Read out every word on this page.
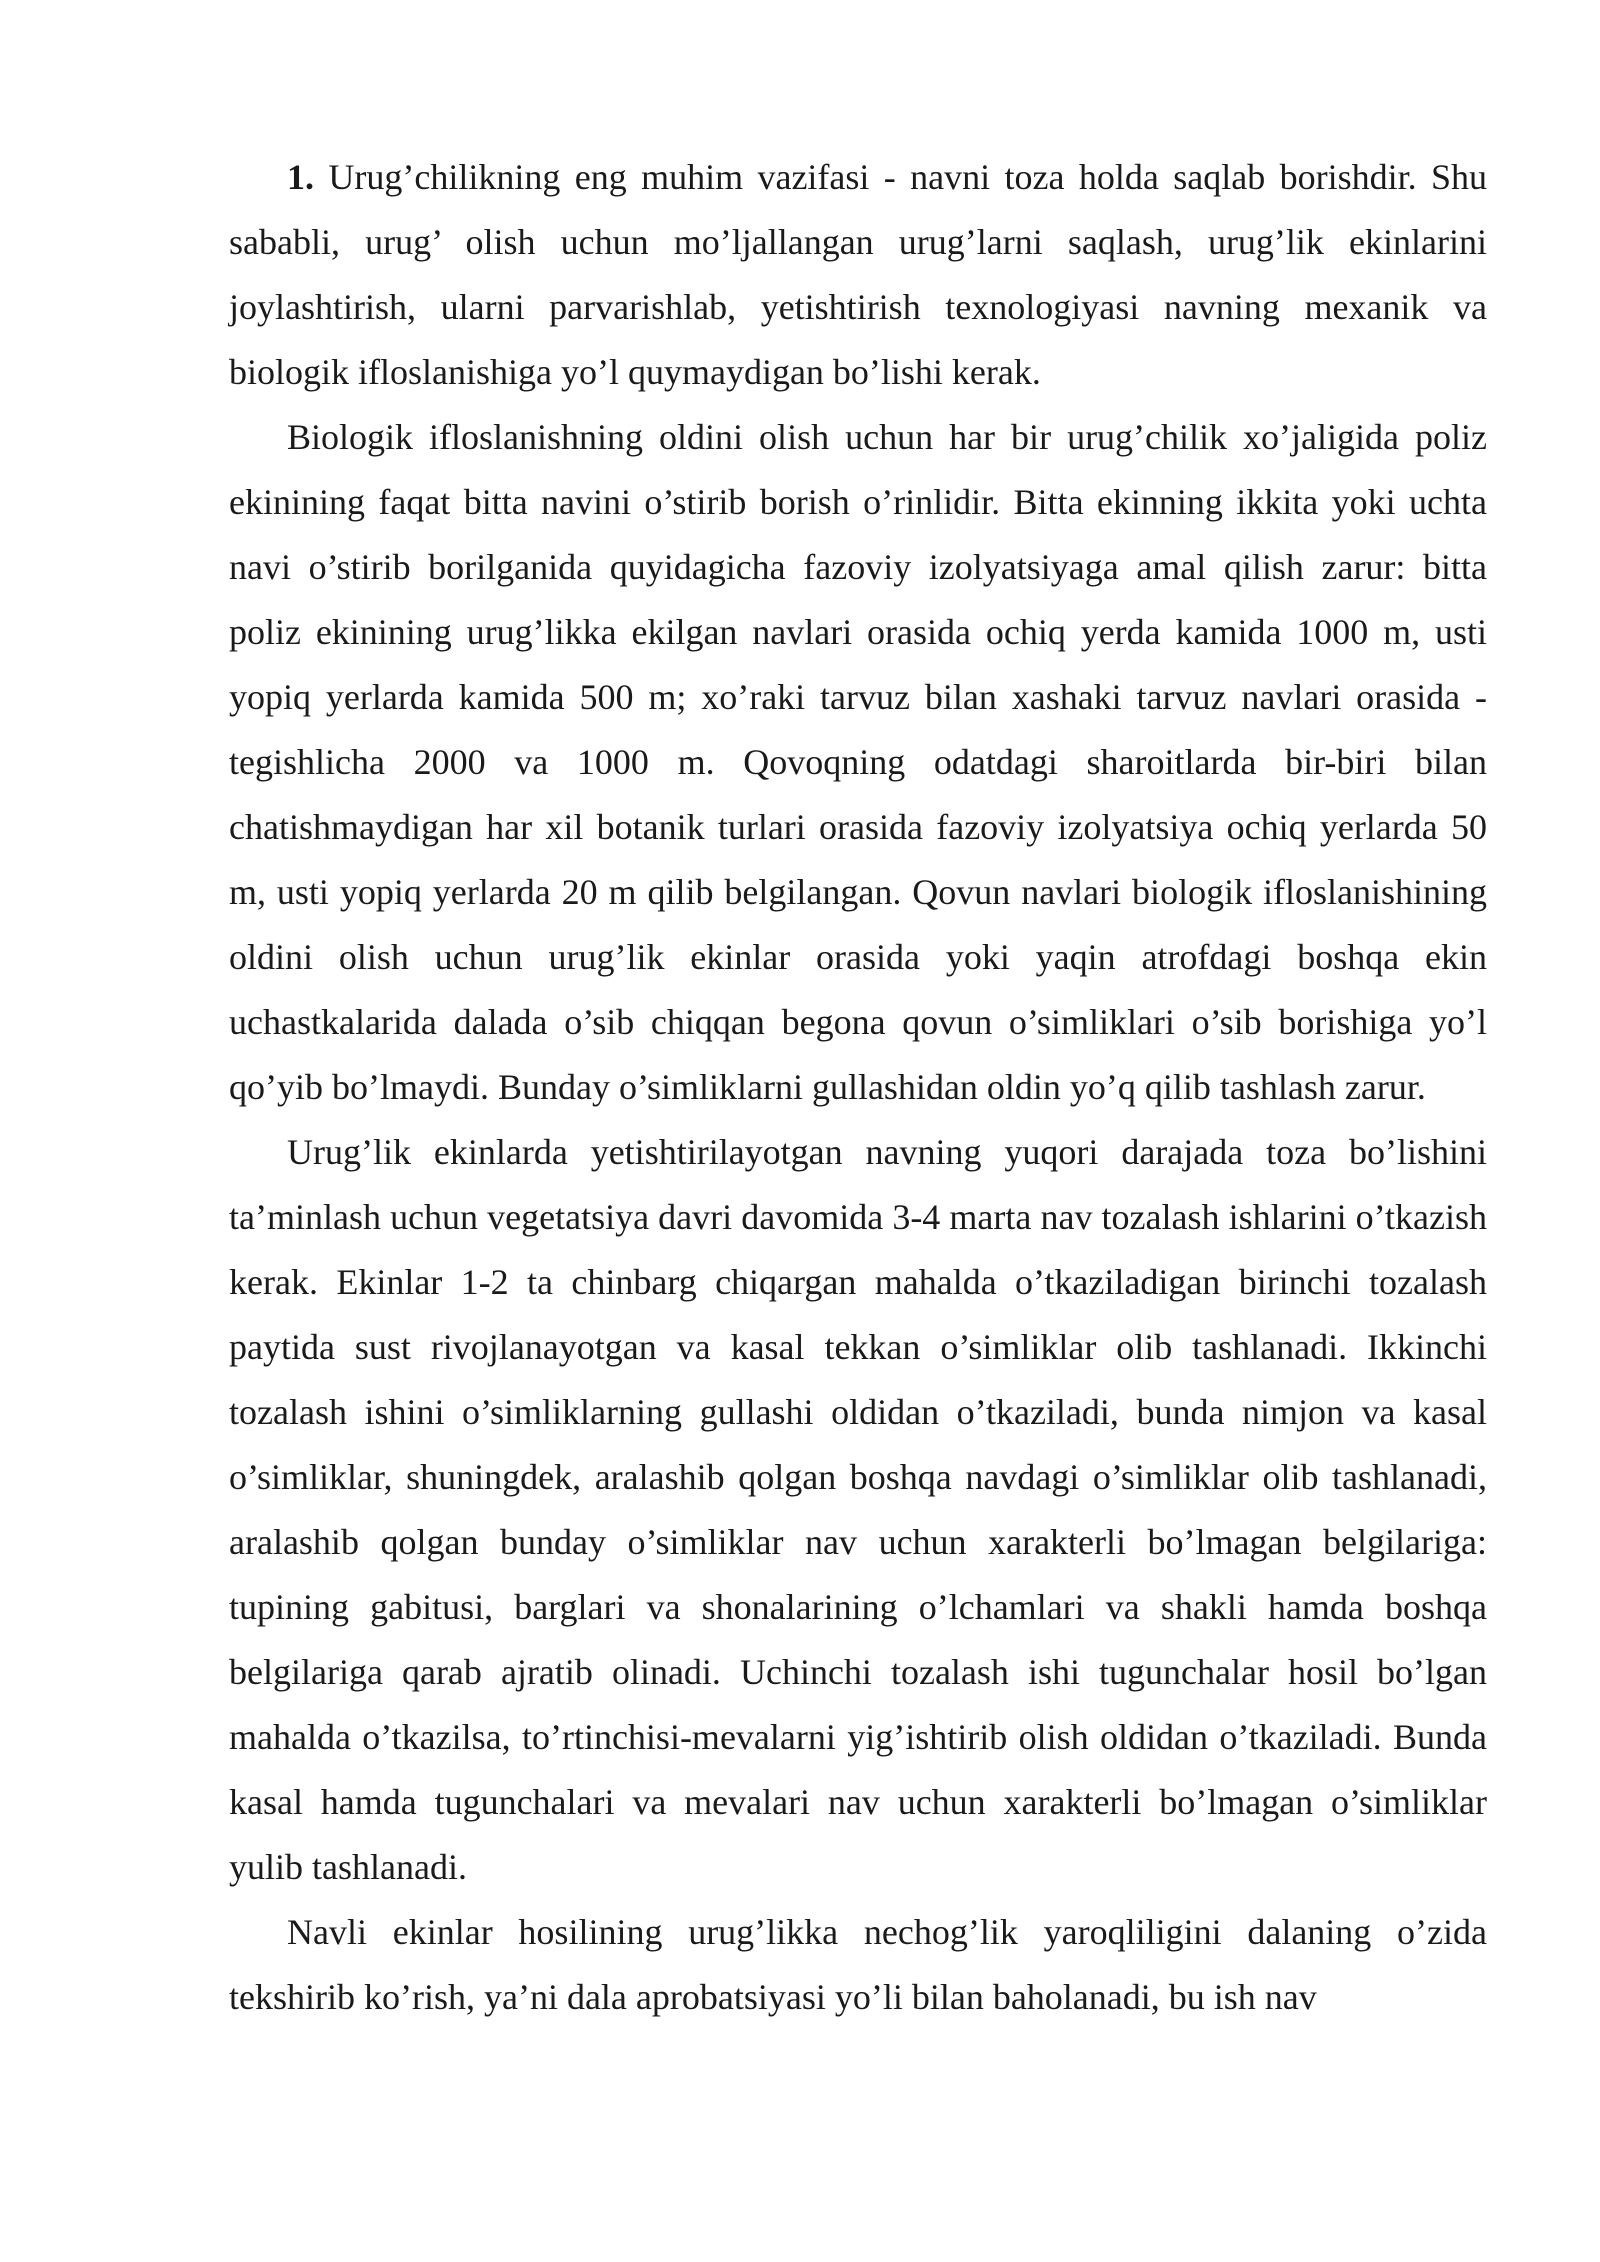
1. Urug’chilikning eng muhim vazifasi - navni toza holda saqlab borishdir. Shu sababli, urug’ olish uchun mo’ljallangan urug’larni saqlash, urug’lik ekinlarini joylashtirish, ularni parvarishlab, yetishtirish texnologiyasi navning mexanik va biologik ifloslanishiga yo’l quymaydigan bo’lishi kerak.

Biologik ifloslanishning oldini olish uchun har bir urug’chilik xo’jaligida poliz ekinining faqat bitta navini o’stirib borish o’rinlidir. Bitta ekinning ikkita yoki uchta navi o’stirib borilganida quyidagicha fazoviy izolyatsiyaga amal qilish zarur: bitta poliz ekinining urug’likka ekilgan navlari orasida ochiq yerda kamida 1000 m, usti yopiq yerlarda kamida 500 m; xo’raki tarvuz bilan xashaki tarvuz navlari orasida - tegishlicha 2000 va 1000 m. Qovoqning odatdagi sharoitlarda bir-biri bilan chatishmaydigan har xil botanik turlari orasida fazoviy izolyatsiya ochiq yerlarda 50 m, usti yopiq yerlarda 20 m qilib belgilangan. Qovun navlari biologik ifloslanishining oldini olish uchun urug’lik ekinlar orasida yoki yaqin atrofdagi boshqa ekin uchastkalarida dalada o’sib chiqqan begona qovun o’simliklari o’sib borishiga yo’l qo’yib bo’lmaydi. Bunday o’simliklarni gullashidan oldin yo’q qilib tashlash zarur.

Urug’lik ekinlarda yetishtirilayotgan navning yuqori darajada toza bo’lishini ta’minlash uchun vegetatsiya davri davomida 3-4 marta nav tozalash ishlarini o’tkazish kerak. Ekinlar 1-2 ta chinbarg chiqargan mahalda o’tkaziladigan birinchi tozalash paytida sust rivojlanayotgan va kasal tekkan o’simliklar olib tashlanadi. Ikkinchi tozalash ishini o’simliklarning gullashi oldidan o’tkaziladi, bunda nimjon va kasal o’simliklar, shuningdek, aralashib qolgan boshqa navdagi o’simliklar olib tashlanadi, aralashib qolgan bunday o’simliklar nav uchun xarakterli bo’lmagan belgilariga: tupining gabitusi, barglari va shonalarining o’lchamlari va shakli hamda boshqa belgilariga qarab ajratib olinadi. Uchinchi tozalash ishi tugunchalar hosil bo’lgan mahalda o’tkazilsa, to’rtinchisi-mevalarni yig’ishtirib olish oldidan o’tkaziladi. Bunda kasal hamda tugunchalari va mevalari nav uchun xarakterli bo’lmagan o’simliklar yulib tashlanadi.

Navli ekinlar hosilining urug’likka nechog’lik yaroqliligini dalaning o’zida tekshirib ko’rish, ya’ni dala aprobatsiyasi yo’li bilan baholanadi, bu ish nav
